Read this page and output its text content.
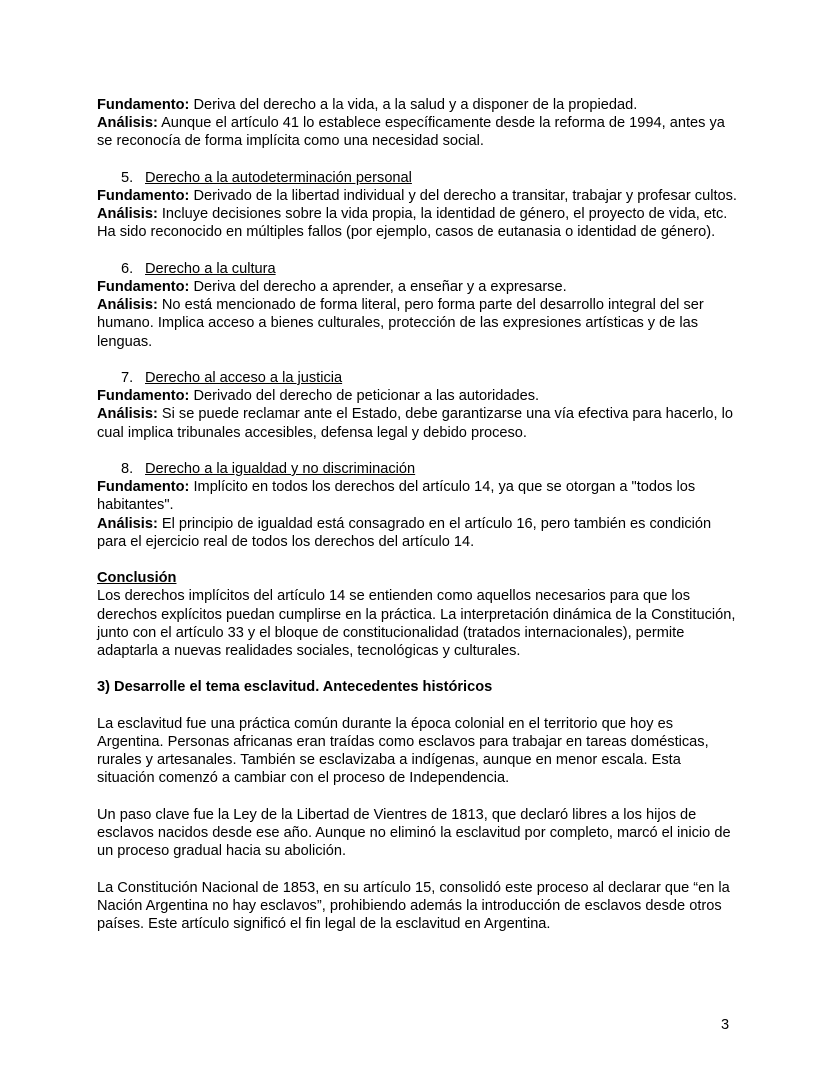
Fundamento: Deriva del derecho a la vida, a la salud y a disponer de la propiedad.

Análisis: Aunque el artículo 41 lo establece específicamente desde la reforma de 1994, antes ya se reconocía de forma implícita como una necesidad social.

5. Derecho a la autodeterminación personal

Fundamento: Derivado de la libertad individual y del derecho a transitar, trabajar y profesar cultos.

Análisis: Incluye decisiones sobre la vida propia, la identidad de género, el proyecto de vida, etc. Ha sido reconocido en múltiples fallos (por ejemplo, casos de eutanasia o identidad de género).

6. Derecho a la cultura

Fundamento: Deriva del derecho a aprender, a enseñar y a expresarse.

Análisis: No está mencionado de forma literal, pero forma parte del desarrollo integral del ser humano. Implica acceso a bienes culturales, protección de las expresiones artísticas y de las lenguas.

7. Derecho al acceso a la justicia

Fundamento: Derivado del derecho de peticionar a las autoridades.

Análisis: Si se puede reclamar ante el Estado, debe garantizarse una vía efectiva para hacerlo, lo cual implica tribunales accesibles, defensa legal y debido proceso.

8. Derecho a la igualdad y no discriminación

Fundamento: Implícito en todos los derechos del artículo 14, ya que se otorgan a "todos los habitantes".

Análisis: El principio de igualdad está consagrado en el artículo 16, pero también es condición para el ejercicio real de todos los derechos del artículo 14.

Conclusión

Los derechos implícitos del artículo 14 se entienden como aquellos necesarios para que los derechos explícitos puedan cumplirse en la práctica. La interpretación dinámica de la Constitución, junto con el artículo 33 y el bloque de constitucionalidad (tratados internacionales), permite adaptarla a nuevas realidades sociales, tecnológicas y culturales.

3) Desarrolle el tema esclavitud. Antecedentes históricos

La esclavitud fue una práctica común durante la época colonial en el territorio que hoy es Argentina. Personas africanas eran traídas como esclavos para trabajar en tareas domésticas, rurales y artesanales. También se esclavizaba a indígenas, aunque en menor escala. Esta situación comenzó a cambiar con el proceso de Independencia.

Un paso clave fue la Ley de la Libertad de Vientres de 1813, que declaró libres a los hijos de esclavos nacidos desde ese año. Aunque no eliminó la esclavitud por completo, marcó el inicio de un proceso gradual hacia su abolición.

La Constitución Nacional de 1853, en su artículo 15, consolidó este proceso al declarar que “en la Nación Argentina no hay esclavos”, prohibiendo además la introducción de esclavos desde otros países. Este artículo significó el fin legal de la esclavitud en Argentina.

3
